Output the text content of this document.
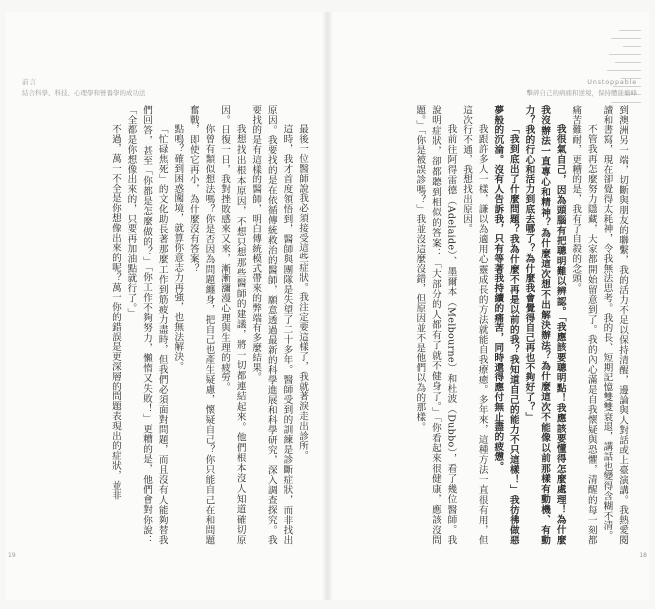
前言
結合科學、科技、心理學和營養學的成功法
Unstoppable
擊碎自己的病痛和逆境，保持體能巔峰

最後一位醫師說我必須接受這些症狀。我注定要這樣了，我就著淚走出診所。

這時，我才首度領悟到，醫師與團隊是失望了二十多年。醫師受到的訓練是診斷症狀，而非找出原因。我要找的是在依循傳統救治的醫師，願意透過最新的科學進展和科學研究，深入調查探究。我要找的是有這樣的醫師，明白傳統模式帶來的弊端有多麼結果。

我想找出根本原因，不想只想那些醫師的建議，將一切都連結起來。他們根本沒人知道確切原因。日復一日，我對挫敗感來又來，漸漸瀰漫心理與生理的疲勞。

你曾有類似想法嗎？你是否因為問題纏身，把自己也產生疑慮，懷疑自己？你只能自己在和問題奮戰，即使它再小，為什麼沒有答案？

點鳴？確到困惑闖境，就算你意志力再強，也無法解決。

「忙碌焦死」的文化助長著那麼工作到筋疲力盡時，但我們必須面對問題，而且沒有人能夠替我們回答，甚至「你都是怎麼做的？」「你工作不夠努力，懶惰又失敗！」更糟的是，他們會對你說：「全都是你想像出來的，只要再加油點就行了。」

不過，萬一不全是你想像出來的呢？萬一你的錯誤是更深層的問題表現出的症狀，並非	到澳洲另一端，切斷與朋友的聯繫，我的活力不足以保持清醒，邊論與人對話或上臺演講。我熱愛閱讀和書寫，現在卻覺得太耗神，令我無法思考。我的長、短期記憶雙雙衰退，講話也變得含糊不清。

不管我再怎麼努力隱藏，大家都開始留意到了。我的內心滿是自我懷疑與恐懼，清醒的每一刻都痛苦難耐，更糟的是，我有了自殺的念頭。

我很氣自己，因為頭腦有把聰明難以辨認。「我應該要聰明點！我應該要懂得怎麼處理！為什麼我沒辦法一直專心和精神？為什麼這次想不出解決辦法？為什麼這次不能像以前那樣有動機、有動力？我的行心和活力到底去哪了？為什麼我會覺得自己再也不夠好了？」

「我到底出了什麼問題？我為什麼不再是以前的我？我知道自己的能力不只這樣！」我彷彿做惡夢般的沉淪。沒有人告訴我，只有等著我持續的痛苦，同時還得應付無止盡的疲憊。

我跟許多人一樣，謙以為適用心靈成長的方法就能自我療癒。多年來，這種方法一直很有用，但這次行不通，我想找出原因。

我前往阿得雷德（Adelaide）、墨爾本（Melbourne）和杜波（Dubbo），看了幾位醫師。我說明症狀，卻都聽到相似的答案：「大部分的人都有了就不健身了。」「你看起來很健康，應該沒問題。」「你是被誤診嗎？」我並沒這麼沒錯，但原因並不是他們以為的那樣。

19	18
